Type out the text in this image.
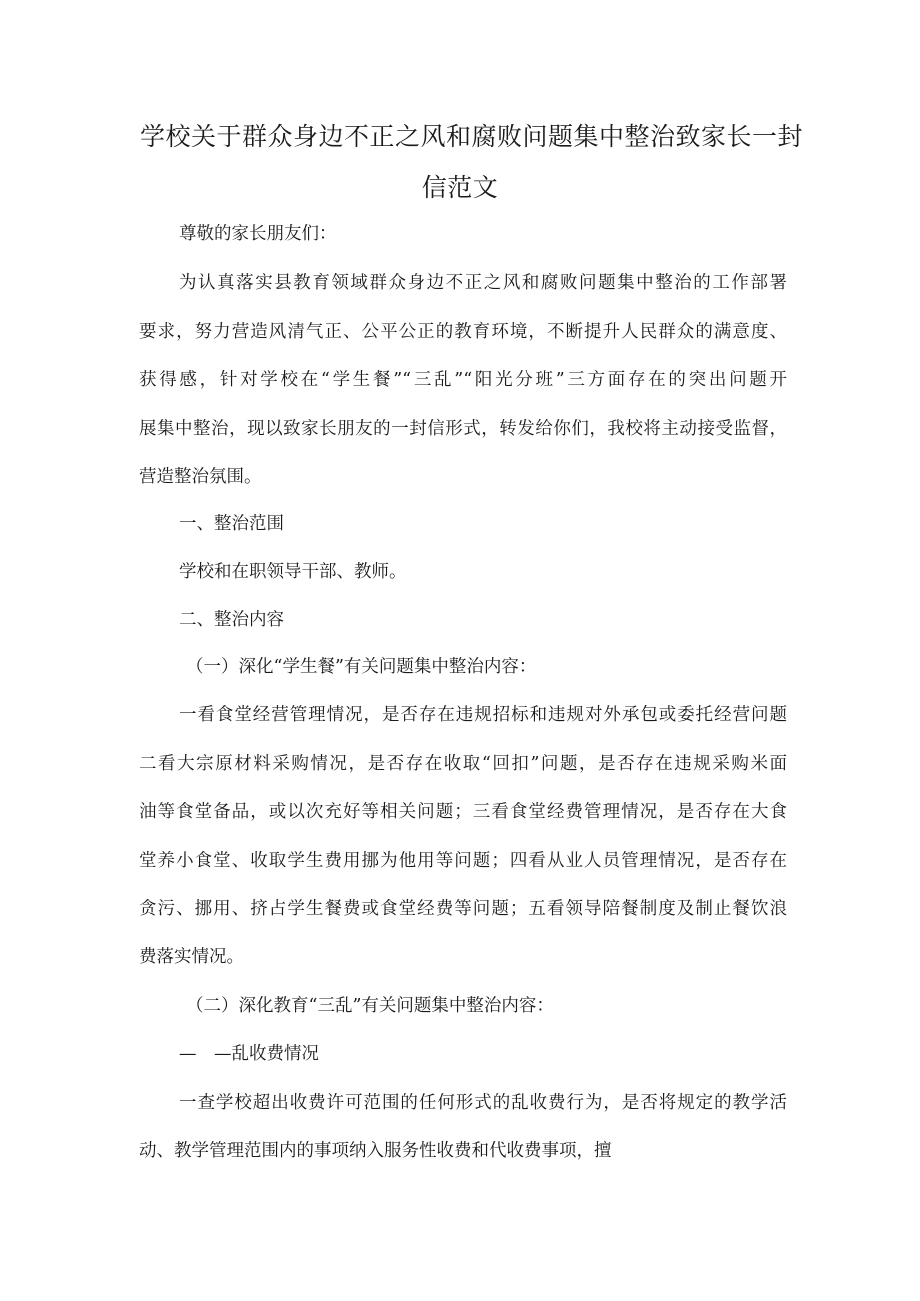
学校关于群众身边不正之风和腐败问题集中整治致家长一封
信范文

尊敬的家长朋友们：

为认真落实县教育领域群众身边不正之风和腐败问题集中整治的工作部署

要求，努力营造风清气正、公平公正的教育环境，不断提升人民群众的满意度、

获得感，针对学校在“学生餐”“三乱”“阳光分班”三方面存在的突出问题开

展集中整治，现以致家长朋友的一封信形式，转发给你们，我校将主动接受监督，

营造整治氛围。

一、整治范围

学校和在职领导干部、教师。

二、整治内容

（一）深化“学生餐”有关问题集中整治内容：

一看食堂经营管理情况，是否存在违规招标和违规对外承包或委托经营问题

二看大宗原材料采购情况，是否存在收取“回扣”问题，是否存在违规采购米面

油等食堂备品，或以次充好等相关问题；三看食堂经费管理情况，是否存在大食

堂养小食堂、收取学生费用挪为他用等问题；四看从业人员管理情况，是否存在

贪污、挪用、挤占学生餐费或食堂经费等问题；五看领导陪餐制度及制止餐饮浪

费落实情况。

（二）深化教育“三乱”有关问题集中整治内容：

—　—乱收费情况

一查学校超出收费许可范围的任何形式的乱收费行为，是否将规定的教学活

动、教学管理范围内的事项纳入服务性收费和代收费事项，擅
